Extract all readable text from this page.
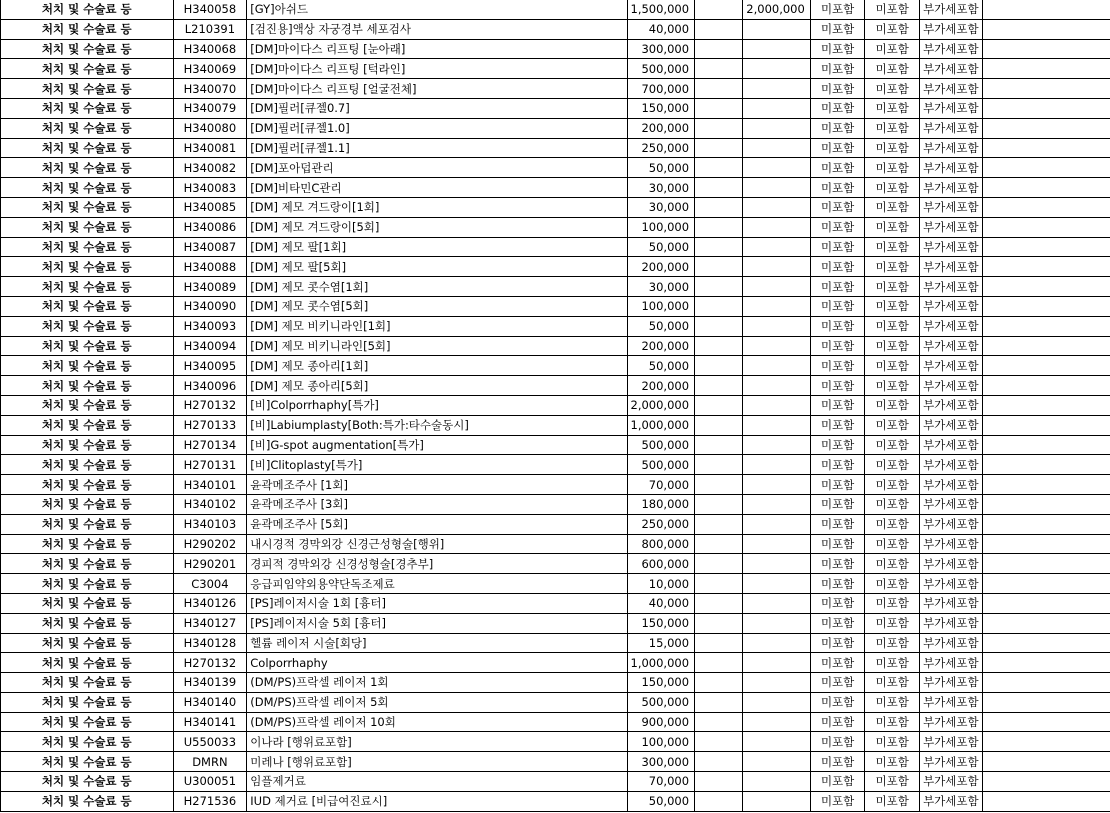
처치 및 수술료 등	H340058	[GY]아쉬드	1,500,000		2,000,000	미포함	미포함	부가세포함	
처치 및 수술료 등	L210391	[검진용]액상 자궁경부 세포검사	40,000			미포함	미포함	부가세포함	
처치 및 수술료 등	H340068	[DM]마이다스 리프팅 [눈아래]	300,000			미포함	미포함	부가세포함	
처치 및 수술료 등	H340069	[DM]마이다스 리프팅 [턱라인]	500,000			미포함	미포함	부가세포함	
처치 및 수술료 등	H340070	[DM]마이다스 리프팅 [얼굴전체]	700,000			미포함	미포함	부가세포함	
처치 및 수술료 등	H340079	[DM]필러[큐젤0.7]	150,000			미포함	미포함	부가세포함	
처치 및 수술료 등	H340080	[DM]필러[큐젤1.0]	200,000			미포함	미포함	부가세포함	
처치 및 수술료 등	H340081	[DM]필러[큐젤1.1]	250,000			미포함	미포함	부가세포함	
처치 및 수술료 등	H340082	[DM]포아덥관리	50,000			미포함	미포함	부가세포함	
처치 및 수술료 등	H340083	[DM]비타민C관리	30,000			미포함	미포함	부가세포함	
처치 및 수술료 등	H340085	[DM] 제모 겨드랑이[1회]	30,000			미포함	미포함	부가세포함	
처치 및 수술료 등	H340086	[DM] 제모 겨드랑이[5회]	100,000			미포함	미포함	부가세포함	
처치 및 수술료 등	H340087	[DM] 제모 팔[1회]	50,000			미포함	미포함	부가세포함	
처치 및 수술료 등	H340088	[DM] 제모 팔[5회]	200,000			미포함	미포함	부가세포함	
처치 및 수술료 등	H340089	[DM] 제모 콧수염[1회]	30,000			미포함	미포함	부가세포함	
처치 및 수술료 등	H340090	[DM] 제모 콧수염[5회]	100,000			미포함	미포함	부가세포함	
처치 및 수술료 등	H340093	[DM] 제모 비키니라인[1회]	50,000			미포함	미포함	부가세포함	
처치 및 수술료 등	H340094	[DM] 제모 비키니라인[5회]	200,000			미포함	미포함	부가세포함	
처치 및 수술료 등	H340095	[DM] 제모 종아리[1회]	50,000			미포함	미포함	부가세포함	
처치 및 수술료 등	H340096	[DM] 제모 종아리[5회]	200,000			미포함	미포함	부가세포함	
처치 및 수술료 등	H270132	[비]Colporrhaphy[특가]	2,000,000			미포함	미포함	부가세포함	
처치 및 수술료 등	H270133	[비]Labiumplasty[Both:특가:타수술동시]	1,000,000			미포함	미포함	부가세포함	
처치 및 수술료 등	H270134	[비]G-spot augmentation[특가]	500,000			미포함	미포함	부가세포함	
처치 및 수술료 등	H270131	[비]Clitoplasty[특가]	500,000			미포함	미포함	부가세포함	
처치 및 수술료 등	H340101	윤곽메조주사 [1회]	70,000			미포함	미포함	부가세포함	
처치 및 수술료 등	H340102	윤곽메조주사 [3회]	180,000			미포함	미포함	부가세포함	
처치 및 수술료 등	H340103	윤곽메조주사 [5회]	250,000			미포함	미포함	부가세포함	
처치 및 수술료 등	H290202	내시경적 경막외강 신경근성형술[행위]	800,000			미포함	미포함	부가세포함	
처치 및 수술료 등	H290201	경피적 경막외강 신경성형술[경추부]	600,000			미포함	미포함	부가세포함	
처치 및 수술료 등	C3004	응급피임약외용약단독조제료	10,000			미포함	미포함	부가세포함	
처치 및 수술료 등	H340126	[PS]레이저시술 1회 [흉터]	40,000			미포함	미포함	부가세포함	
처치 및 수술료 등	H340127	[PS]레이저시술 5회 [흉터]	150,000			미포함	미포함	부가세포함	
처치 및 수술료 등	H340128	헬륨 레이저 시술[회당]	15,000			미포함	미포함	부가세포함	
처치 및 수술료 등	H270132	Colporrhaphy	1,000,000			미포함	미포함	부가세포함	
처치 및 수술료 등	H340139	(DM/PS)프락셀 레이저 1회	150,000			미포함	미포함	부가세포함	
처치 및 수술료 등	H340140	(DM/PS)프락셀 레이저 5회	500,000			미포함	미포함	부가세포함	
처치 및 수술료 등	H340141	(DM/PS)프락셀 레이저 10회	900,000			미포함	미포함	부가세포함	
처치 및 수술료 등	U550033	이나라 [행위료포함]	100,000			미포함	미포함	부가세포함	
처치 및 수술료 등	DMRN	미레나 [행위료포함]	300,000			미포함	미포함	부가세포함	
처치 및 수술료 등	U300051	임플제거료	70,000			미포함	미포함	부가세포함	
처치 및 수술료 등	H271536	IUD 제거료 [비급여진료시]	50,000			미포함	미포함	부가세포함	
